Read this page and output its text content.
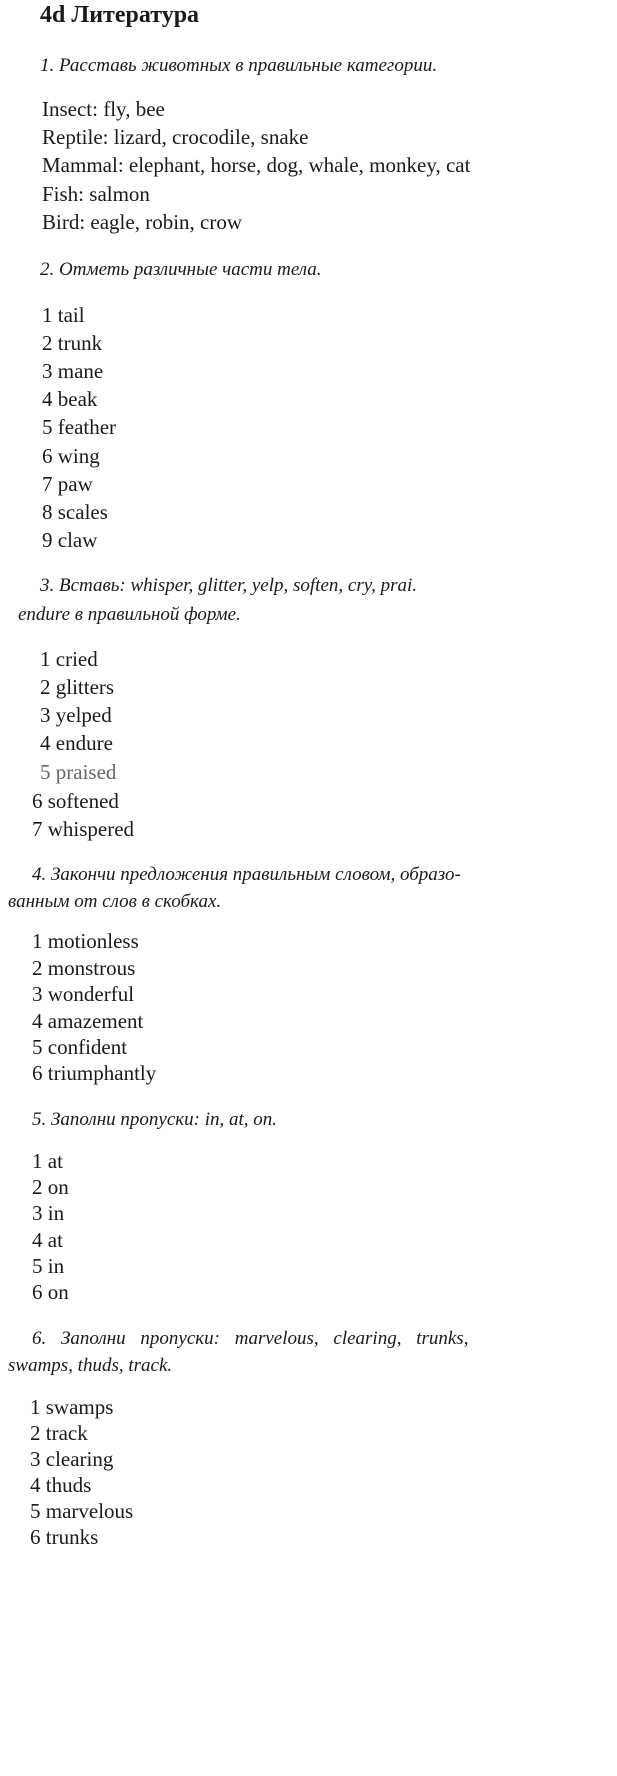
4d Литература
1. Расставь животных в правильные категории.
Insect: fly, bee
Reptile: lizard, crocodile, snake
Mammal: elephant, horse, dog, whale, monkey, cat
Fish: salmon
Bird: eagle, robin, crow
2. Отметь различные части тела.
1 tail
2 trunk
3 mane
4 beak
5 feather
6 wing
7 paw
8 scales
9 claw
3. Вставь: whisper, glitter, yelp, soften, cry, prai.
endure в правильной форме.
1 cried
2 glitters
3 yelped
4 endure
5 praised
6 softened
7 whispered
4. Закончи предложения правильным словом, образо-
ванным от слов в скобках.
1 motionless
2 monstrous
3 wonderful
4 amazement
5 confident
6 triumphantly
5. Заполни пропуски: in, at, on.
1 at
2 on
3 in
4 at
5 in
6 on
6. Заполни пропуски: marvelous, clearing, trunks,
swamps, thuds, track.
1 swamps
2 track
3 clearing
4 thuds
5 marvelous
6 trunks
